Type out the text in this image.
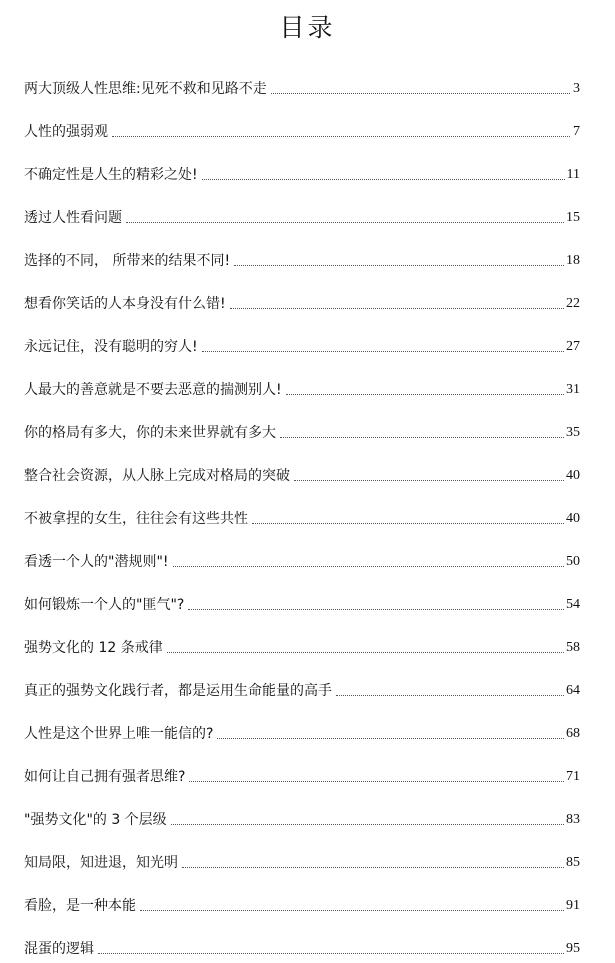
目录
两大顶级人性思维:见死不救和见路不走	3
人性的强弱观	7
不确定性是人生的精彩之处!	11
透过人性看问题	15
选择的不同， 所带来的结果不同!	18
想看你笑话的人本身没有什么错!	22
永远记住，没有聪明的穷人!	27
人最大的善意就是不要去恶意的揣测别人!	31
你的格局有多大，你的未来世界就有多大	35
整合社会资源，从人脉上完成对格局的突破	40
不被拿捏的女生，往往会有这些共性	40
看透一个人的"潜规则"!	50
如何锻炼一个人的"匪气"?	54
强势文化的 12 条戒律	58
真正的强势文化践行者，都是运用生命能量的高手	64
人性是这个世界上唯一能信的?	68
如何让自己拥有强者思维?	71
"强势文化"的 3 个层级	83
知局限，知进退，知光明	85
看脸，是一种本能	91
混蛋的逻辑	95
